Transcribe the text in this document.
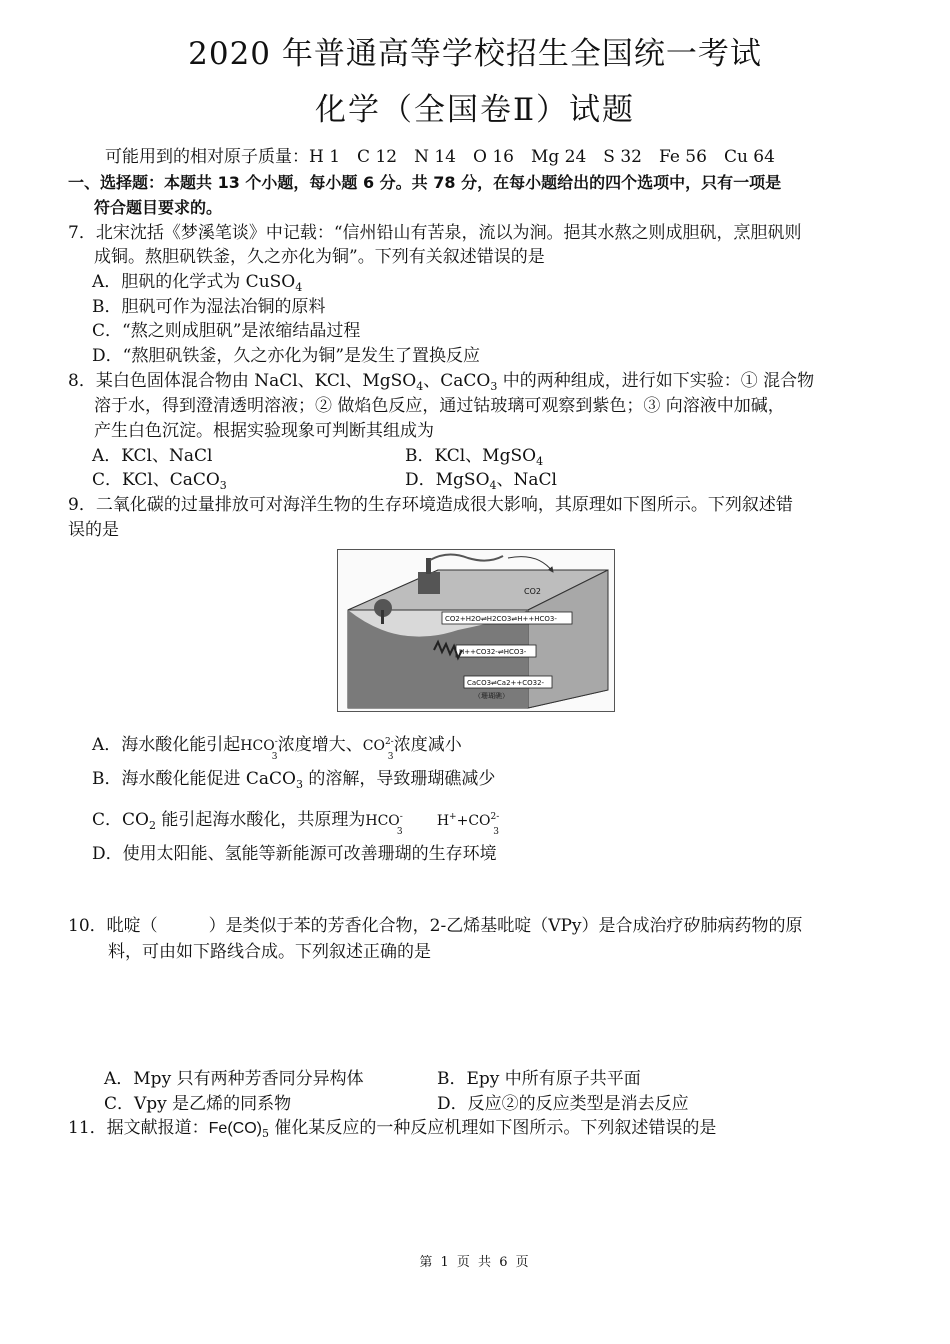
2020 年普通高等学校招生全国统一考试
化学（全国卷Ⅱ）试题
可能用到的相对原子质量：H 1　C 12　N 14　O 16　Mg 24　S 32　Fe 56　Cu 64
一、选择题：本题共 13 个小题，每小题 6 分。共 78 分，在每小题给出的四个选项中，只有一项是
符合题目要求的。
7．北宋沈括《梦溪笔谈》中记载：“信州铅山有苦泉，流以为涧。挹其水熬之则成胆矾，烹胆矾则
成铜。熬胆矾铁釜，久之亦化为铜”。下列有关叙述错误的是
A．胆矾的化学式为 CuSO$_4$
B．胆矾可作为湿法冶铜的原料
C．“熬之则成胆矾”是浓缩结晶过程
D．“熬胆矾铁釜，久之亦化为铜”是发生了置换反应
8．某白色固体混合物由 NaCl、KCl、MgSO$_4$、CaCO$_3$ 中的两种组成，进行如下实验：① 混合物
溶于水，得到澄清透明溶液；② 做焰色反应，通过钴玻璃可观察到紫色；③ 向溶液中加碱，
产生白色沉淀。根据实验现象可判断其组成为
A．KCl、NaCl	B．KCl、MgSO$_4$
C．KCl、CaCO$_3$	D．MgSO$_4$、NaCl
9．二氧化碳的过量排放可对海洋生物的生存环境造成很大影响，其原理如下图所示。下列叙述错
误的是
CO2
CO2+H2O⇌H2CO3⇌H++HCO3-
H++CO32-⇌HCO3-
CaCO3⇌Ca2++CO32-
（珊瑚礁）
A．海水酸化能引起HCO-
3
浓度增大、$CO^{2-}$
3
浓度减小
B．海水酸化能促进 CaCO$_3$ 的溶解，导致珊瑚礁减少
C．$CO_2$ 能引起海水酸化，共原理为HCO-
3
$H^++CO^{2-}$
3
D．使用太阳能、氢能等新能源可改善珊瑚的生存环境
10．吡啶（　　　）是类似于苯的芳香化合物，2-乙烯基吡啶（VPy）是合成治疗矽肺病药物的原
料，可由如下路线合成。下列叙述正确的是
A．Mpy 只有两种芳香同分异构体	B．Epy 中所有原子共平面
C．Vpy 是乙烯的同系物	D．反应②的反应类型是消去反应
11．据文献报道：$Fe(CO)_5$ 催化某反应的一种反应机理如下图所示。下列叙述错误的是
第 1 页 共 6 页
